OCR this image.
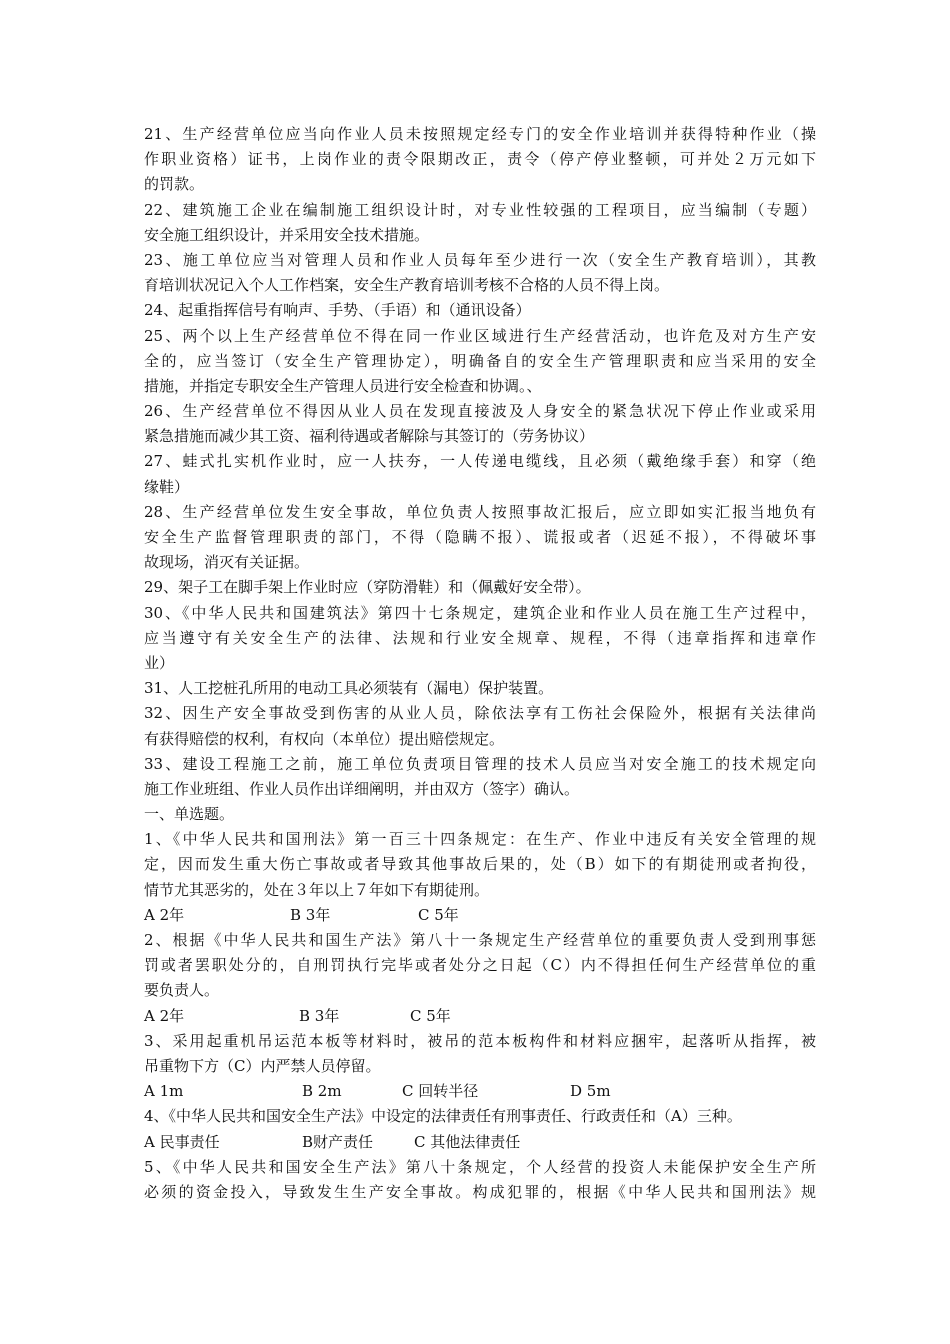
21、生产经营单位应当向作业人员未按照规定经专门的安全作业培训并获得特种作业（操
作职业资格）证书，上岗作业的责令限期改正，责令（停产停业整顿，可并处２万元如下
的罚款。
22、建筑施工企业在编制施工组织设计时，对专业性较强的工程项目，应当编制（专题）
安全施工组织设计，并采用安全技术措施。
23、施工单位应当对管理人员和作业人员每年至少进行一次（安全生产教育培训），其教
育培训状况记入个人工作档案，安全生产教育培训考核不合格的人员不得上岗。
24、起重指挥信号有响声、手势、（手语）和（通讯设备）
25、两个以上生产经营单位不得在同一作业区域进行生产经营活动，也许危及对方生产安
全的，应当签订（安全生产管理协定），明确备自的安全生产管理职责和应当采用的安全
措施，并指定专职安全生产管理人员进行安全检查和协调。、
26、生产经营单位不得因从业人员在发现直接波及人身安全的紧急状况下停止作业或采用
紧急措施而减少其工资、福利待遇或者解除与其签订的（劳务协议）
27、蛙式扎实机作业时，应一人扶夯，一人传递电缆线，且必须（戴绝缘手套）和穿（绝
缘鞋）
28、生产经营单位发生安全事故，单位负责人按照事故汇报后，应立即如实汇报当地负有
安全生产监督管理职责的部门，不得（隐瞒不报）、谎报或者（迟延不报），不得破坏事
故现场，消灭有关证据。
29、架子工在脚手架上作业时应（穿防滑鞋）和（佩戴好安全带）。
30、《中华人民共和国建筑法》第四十七条规定，建筑企业和作业人员在施工生产过程中，
应当遵守有关安全生产的法律、法规和行业安全规章、规程，不得（违章指挥和违章作
业）
31、人工挖桩孔所用的电动工具必须装有（漏电）保护装置。
32、因生产安全事故受到伤害的从业人员，除依法享有工伤社会保险外，根据有关法律尚
有获得赔偿的权利，有权向（本单位）提出赔偿规定。
33、建设工程施工之前，施工单位负责项目管理的技术人员应当对安全施工的技术规定向
施工作业班组、作业人员作出详细阐明，并由双方（签字）确认。
一、单选题。
1、《中华人民共和国刑法》第一百三十四条规定：在生产、作业中违反有关安全管理的规
定，因而发生重大伤亡事故或者导致其他事故后果的，处（B）如下的有期徒刑或者拘役，
情节尤其恶劣的，处在３年以上７年如下有期徒刑。
A 2年	B 3年	C 5年
2、根据《中华人民共和国生产法》第八十一条规定生产经营单位的重要负责人受到刑事惩
罚或者罢职处分的，自刑罚执行完毕或者处分之日起（C）内不得担任何生产经营单位的重
要负责人。
A 2年	B 3年	C 5年
3、采用起重机吊运范本板等材料时，被吊的范本板构件和材料应捆牢，起落听从指挥，被
吊重物下方（C）内严禁人员停留。
A 1m	B 2m	C 回转半径	D 5m
4、《中华人民共和国安全生产法》中设定的法律责任有刑事责任、行政责任和（A）三种。
A 民事责任	B财产责任	C 其他法律责任
5、《中华人民共和国安全生产法》第八十条规定，个人经营的投资人未能保护安全生产所
必须的资金投入，导致发生生产安全事故。构成犯罪的，根据《中华人民共和国刑法》规
